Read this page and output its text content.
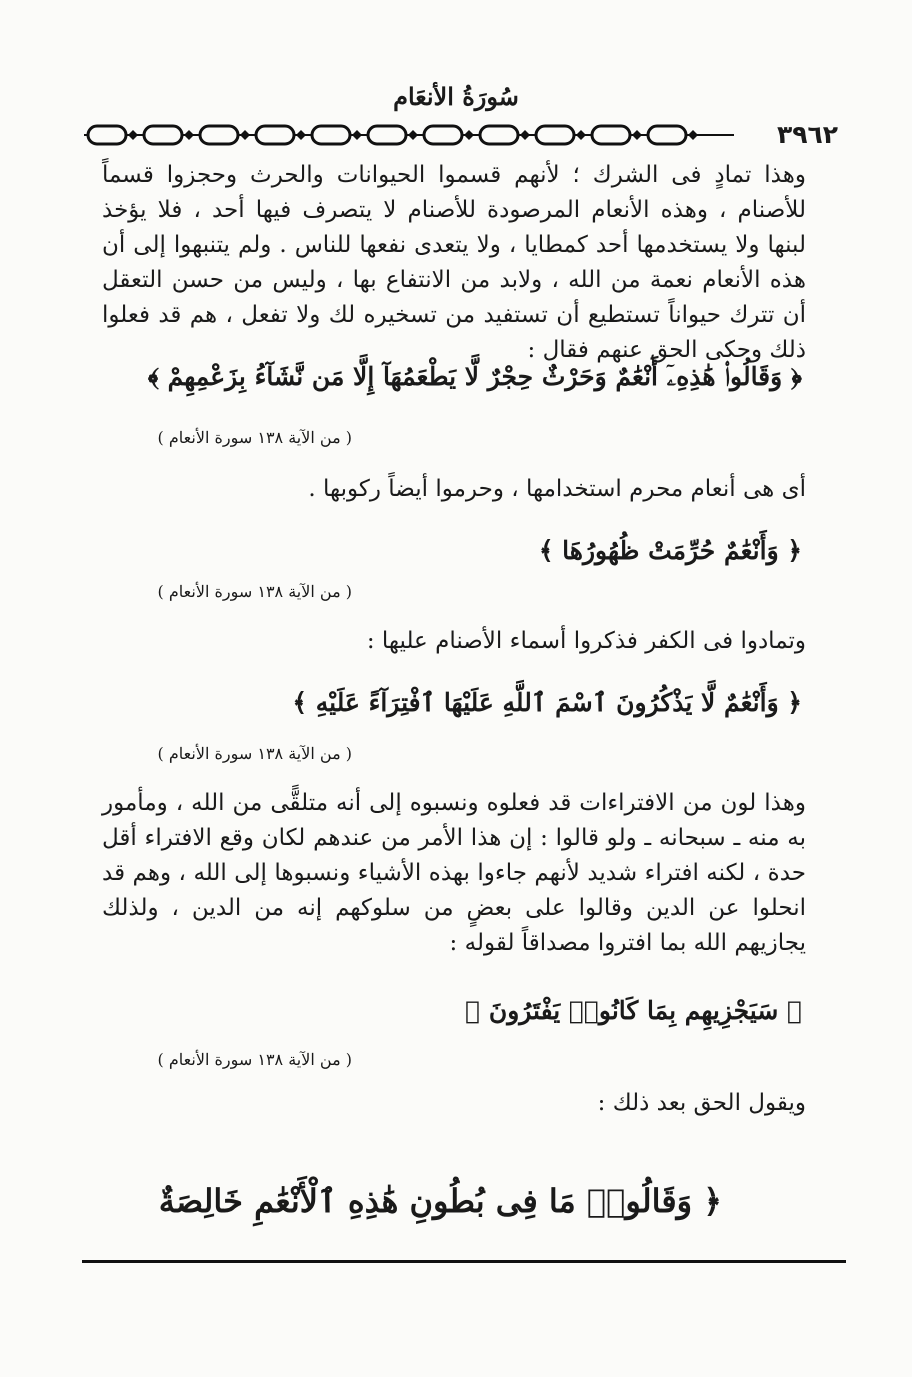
سُورَةُ الأنعَام
٣٩٦٢

وهذا تمادٍ فى الشرك ؛ لأنهم قسموا الحيوانات والحرث وحجزوا قسماً للأصنام ، وهذه الأنعام المرصودة للأصنام لا يتصرف فيها أحد ، فلا يؤخذ لبنها ولا يستخدمها أحد كمطايا ، ولا يتعدى نفعها للناس . ولم يتنبهوا إلى أن هذه الأنعام نعمة من الله ، ولابد من الانتفاع بها ، وليس من حسن التعقل أن تترك حيواناً تستطيع أن تستفيد من تسخيره لك ولا تفعل ، هم قد فعلوا ذلك وحكى الحق عنهم فقال :

﴿ وَقَالُوا۟ هَٰذِهِۦٓ أَنْعَٰمٌ وَحَرْثٌ حِجْرٌ لَّا يَطْعَمُهَآ إِلَّا مَن نَّشَآءُ بِزَعْمِهِمْ ﴾
( من الآية ١٣٨ سورة الأنعام )
أى هى أنعام محرم استخدامها ، وحرموا أيضاً ركوبها .
﴿ وَأَنْعَٰمٌ حُرِّمَتْ ظُهُورُهَا ﴾
( من الآية ١٣٨ سورة الأنعام )
وتمادوا فى الكفر فذكروا أسماء الأصنام عليها :
﴿ وَأَنْعَٰمٌ لَّا يَذْكُرُونَ ٱسْمَ ٱللَّهِ عَلَيْهَا ٱفْتِرَآءً عَلَيْهِ ﴾
( من الآية ١٣٨ سورة الأنعام )

وهذا لون من الافتراءات قد فعلوه ونسبوه إلى أنه متلقًّى من الله ، ومأمور به منه ـ سبحانه ـ ولو قالوا : إن هذا الأمر من عندهم لكان وقع الافتراء أقل حدة ، لكنه افتراء شديد لأنهم جاءوا بهذه الأشياء ونسبوها إلى الله ، وهم قد انحلوا عن الدين وقالوا على بعضٍ من سلوكهم إنه من الدين ، ولذلك يجازيهم الله بما افتروا مصداقاً لقوله :

﴿ سَيَجْزِيهِم بِمَا كَانُوا۟ يَفْتَرُونَ ﴾
( من الآية ١٣٨ سورة الأنعام )
ويقول الحق بعد ذلك :
﴿ وَقَالُوا۟ مَا فِى بُطُونِ هَٰذِهِ ٱلْأَنْعَٰمِ خَالِصَةٌ
